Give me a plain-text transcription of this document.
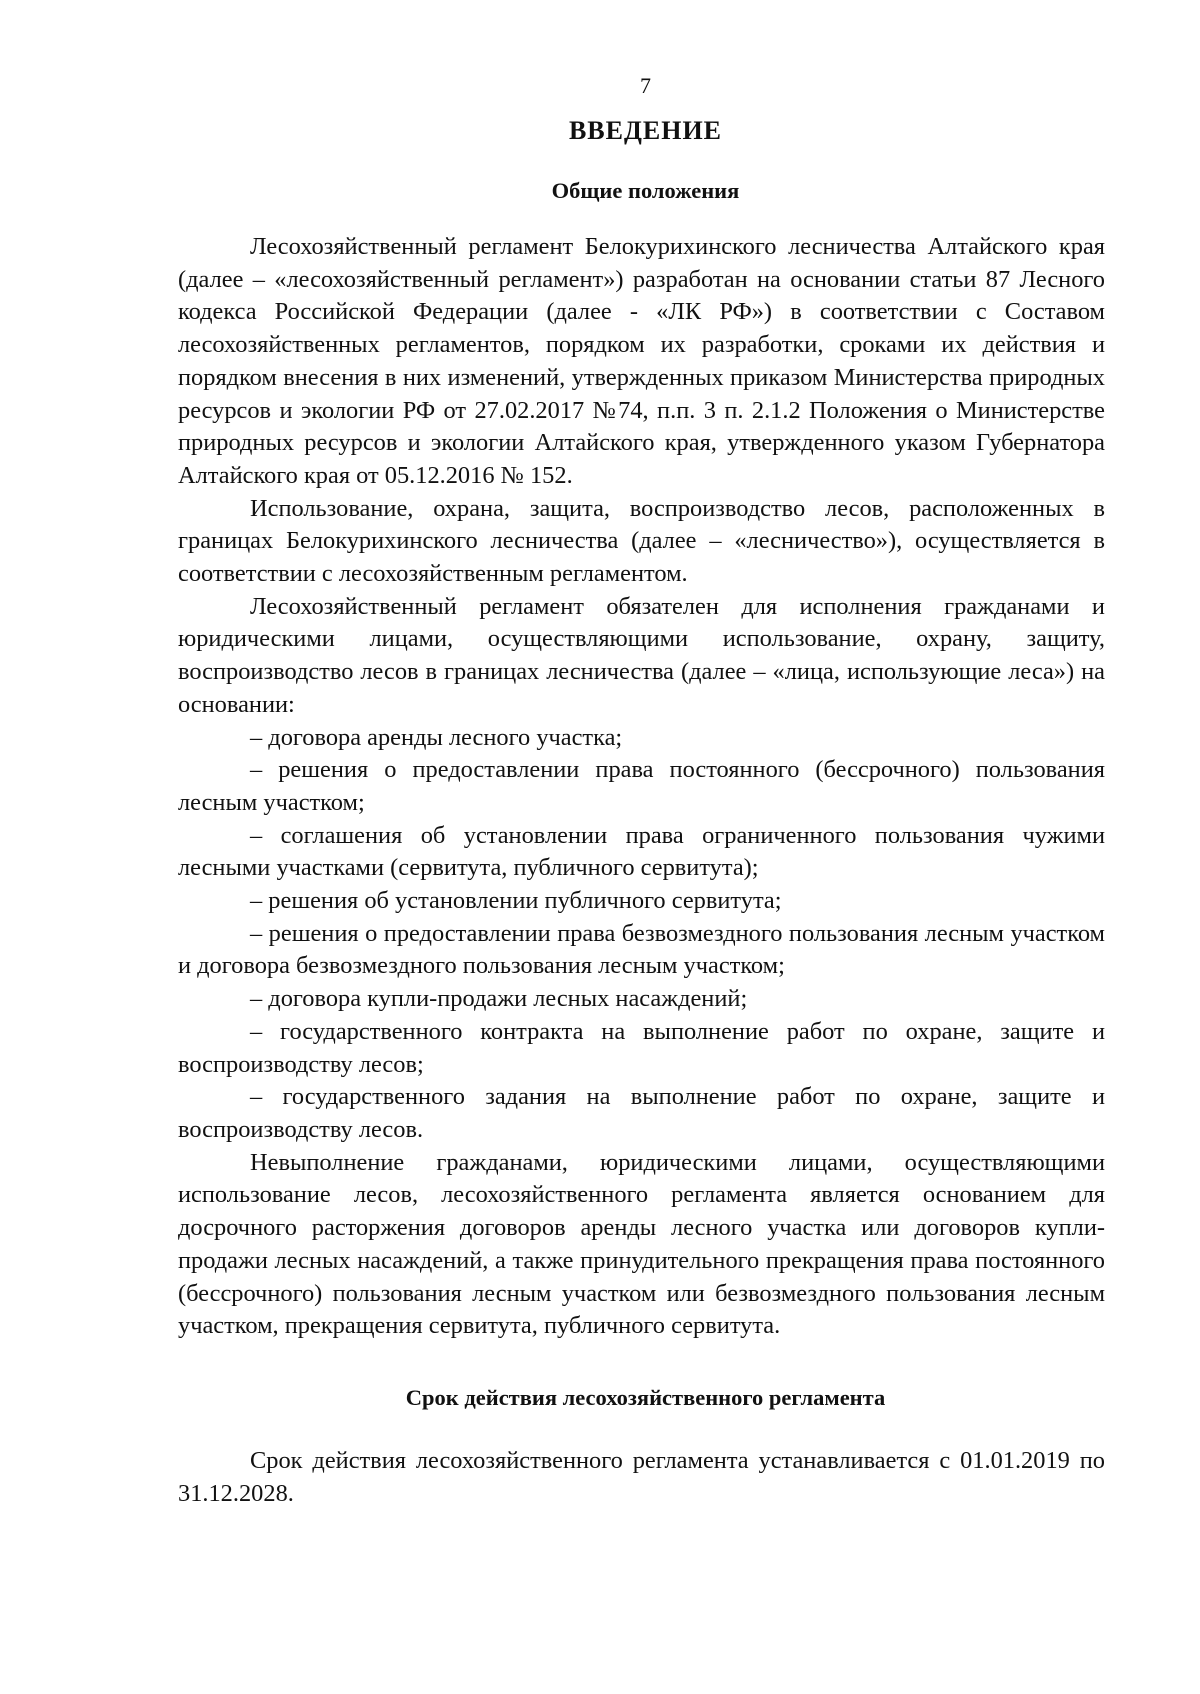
7
ВВЕДЕНИЕ
Общие положения

Лесохозяйственный регламент Белокурихинского лесничества Алтайского края (далее – «лесохозяйственный регламент») разработан на основании статьи 87 Лесного кодекса Российской Федерации (далее - «ЛК РФ») в соответствии с Составом лесохозяйственных регламентов, порядком их разработки, сроками их действия и порядком внесения в них изменений, утвержденных приказом Министерства природных ресурсов и экологии РФ от 27.02.2017 №74, п.п. 3 п. 2.1.2 Положения о Министерстве природных ресурсов и экологии Алтайского края, утвержденного указом Губернатора Алтайского края от 05.12.2016 № 152.

Использование, охрана, защита, воспроизводство лесов, расположенных в границах Белокурихинского лесничества (далее – «лесничество»), осуществляется в соответствии с лесохозяйственным регламентом.

Лесохозяйственный регламент обязателен для исполнения гражданами и юридическими лицами, осуществляющими использование, охрану, защиту, воспроизводство лесов в границах лесничества (далее – «лица, использующие леса») на основании:

– договора аренды лесного участка;

– решения о предоставлении права постоянного (бессрочного) пользования лесным участком;

– соглашения об установлении права ограниченного пользования чужими лесными участками (сервитута, публичного сервитута);

– решения об установлении публичного сервитута;

– решения о предоставлении права безвозмездного пользования лесным участком и договора безвозмездного пользования лесным участком;

– договора купли-продажи лесных насаждений;

– государственного контракта на выполнение работ по охране, защите и воспроизводству лесов;

– государственного задания на выполнение работ по охране, защите и воспроизводству лесов.

Невыполнение гражданами, юридическими лицами, осуществляющими использование лесов, лесохозяйственного регламента является основанием для досрочного расторжения договоров аренды лесного участка или договоров купли-продажи лесных насаждений, а также принудительного прекращения права постоянного (бессрочного) пользования лесным участком или безвозмездного пользования лесным участком, прекращения сервитута, публичного сервитута.

Срок действия лесохозяйственного регламента

Срок действия лесохозяйственного регламента устанавливается с 01.01.2019 по 31.12.2028.
